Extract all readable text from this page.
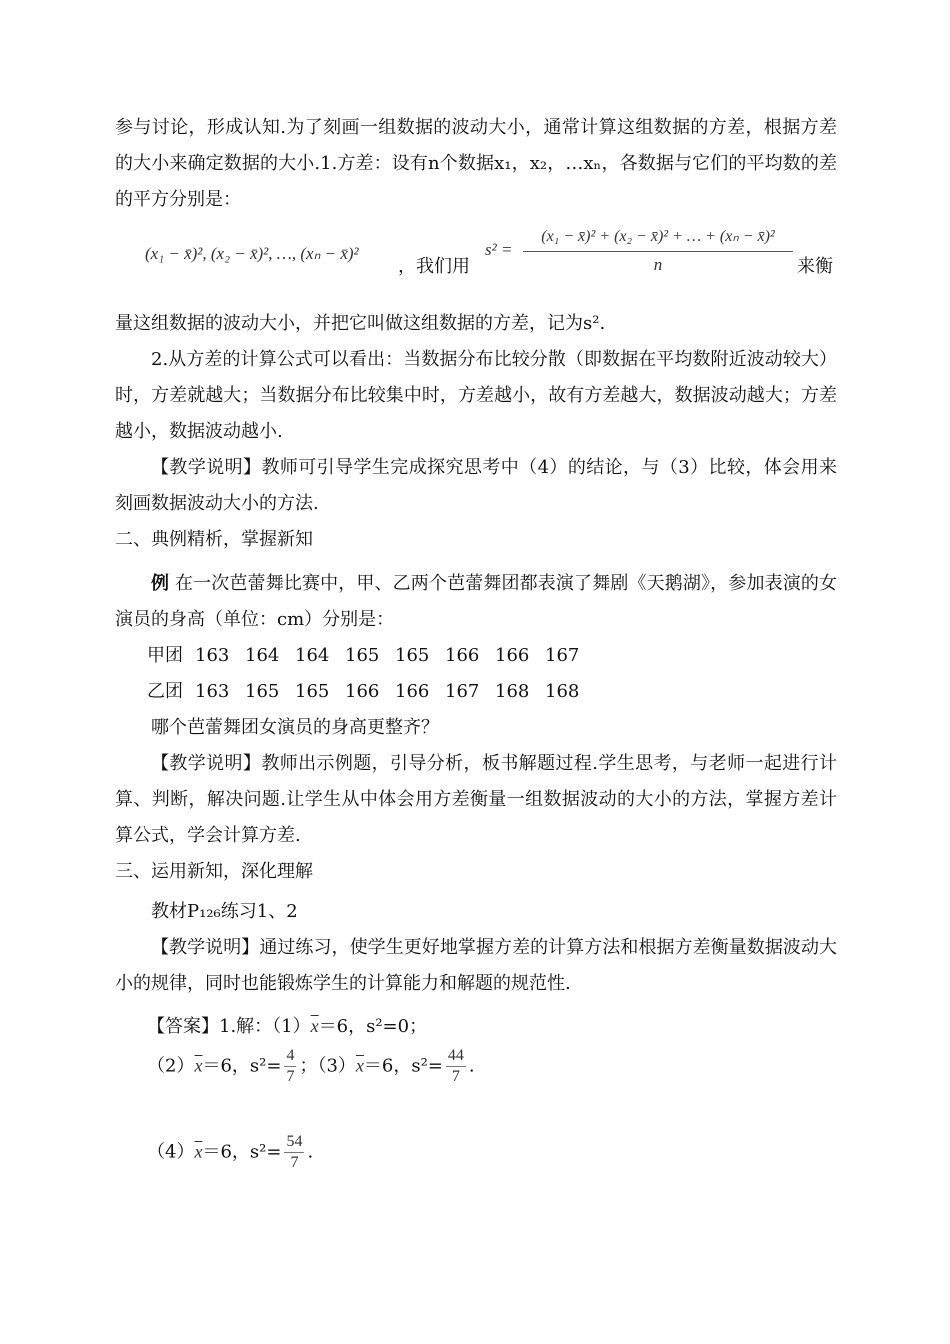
参与讨论，形成认知.为了刻画一组数据的波动大小，通常计算这组数据的方差，根据方差的大小来确定数据的大小.1.方差：设有n个数据x₁，x₂，…xₙ，各数据与它们的平均数的差的平方分别是：
(x₁ − x̄)², (x₂ − x̄)², …, (xₙ − x̄)²
，我们用
$s^2 = \frac{\text{(x₁ − x̄)² + (x₂ − x̄)² + … + (xₙ − x̄)²}}{n}$ 来衡
量这组数据的波动大小，并把它叫做这组数据的方差，记为s².
2.从方差的计算公式可以看出：当数据分布比较分散（即数据在平均数附近波动较大）时，方差就越大；当数据分布比较集中时，方差越小，故有方差越大，数据波动越大；方差越小，数据波动越小.
【教学说明】教师可引导学生完成探究思考中（4）的结论，与（3）比较，体会用来刻画数据波动大小的方法.
二、典例精析，掌握新知
例 在一次芭蕾舞比赛中，甲、乙两个芭蕾舞团都表演了舞剧《天鹅湖》，参加表演的女演员的身高（单位：cm）分别是：
甲团 163 164 164 165 165 166 166 167
乙团 163 165 165 166 166 167 168 168
哪个芭蕾舞团女演员的身高更整齐？
【教学说明】教师出示例题，引导分析，板书解题过程.学生思考，与老师一起进行计算、判断，解决问题.让学生从中体会用方差衡量一组数据波动的大小的方法，掌握方差计算公式，学会计算方差.
三、运用新知，深化理解
教材P₁₂₆练习1、2
【教学说明】通过练习，使学生更好地掌握方差的计算方法和根据方差衡量数据波动大小的规律，同时也能锻炼学生的计算能力和解题的规范性.
【答案】1.解：$(1)\overline{x}=6$，s²=0；
$(2)\overline{x}=6$，$s^2= \frac{4}{7}$ ；$(3)\overline{x}=6$，$s^2= \frac{44}{7}$ .
$(4)\overline{x}=6$，$s^2= \frac{54}{7}$ .
